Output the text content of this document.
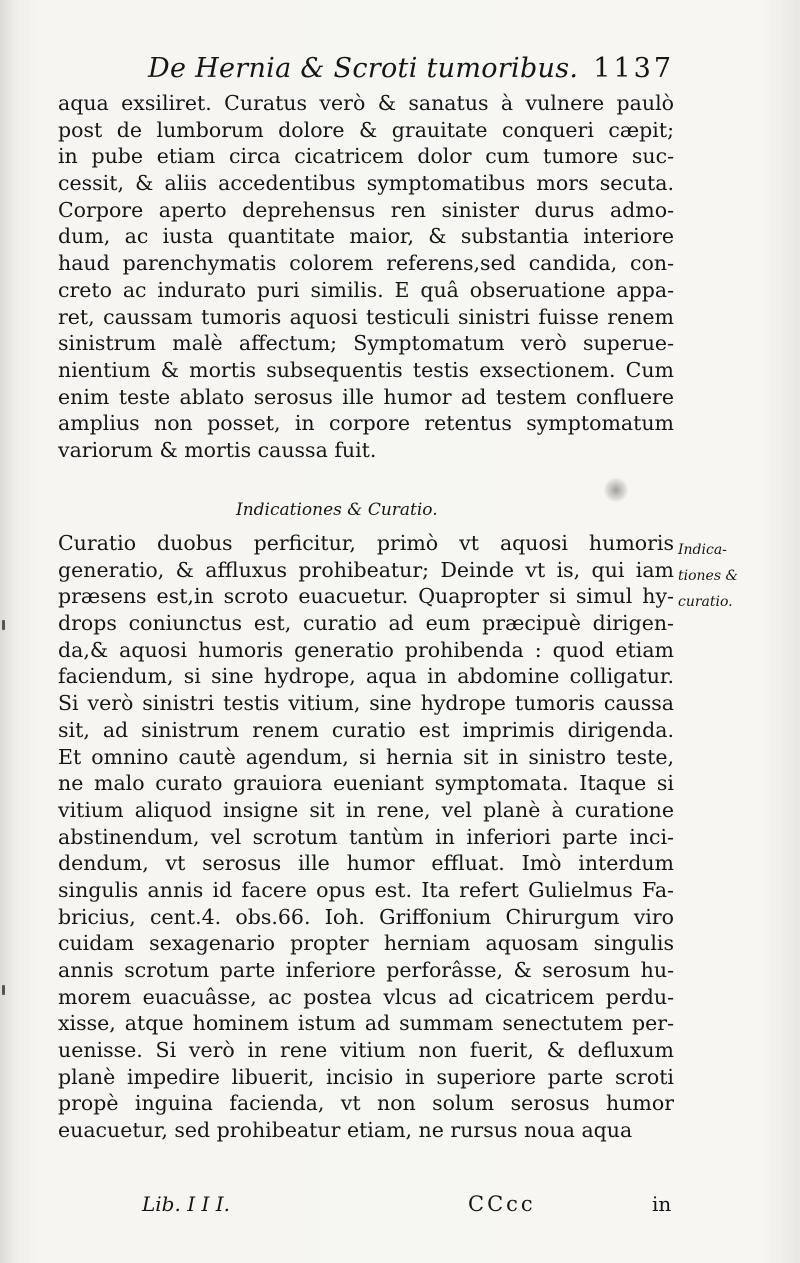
De Hernia & Scroti tumoribus. 1137
aqua exsiliret. Curatus verò & sanatus à vulnere paulò
post de lumborum dolore & grauitate conqueri cæpit;
in pube etiam circa cicatricem dolor cum tumore suc-
cessit, & aliis accedentibus symptomatibus mors secuta.
Corpore aperto deprehensus ren sinister durus admo-
dum, ac iusta quantitate maior, & substantia interiore
haud parenchymatis colorem referens,sed candida, con-
creto ac indurato puri similis. E quâ obseruatione appa-
ret, caussam tumoris aquosi testiculi sinistri fuisse renem
sinistrum malè affectum; Symptomatum verò superue-
nientium & mortis subsequentis testis exsectionem. Cum
enim teste ablato serosus ille humor ad testem confluere
amplius non posset, in corpore retentus symptomatum
variorum & mortis caussa fuit.
Indicationes & Curatio.
Curatio duobus perficitur, primò vt aquosi humoris
generatio, & affluxus prohibeatur; Deinde vt is, qui iam
præsens est,in scroto euacuetur. Quapropter si simul hy-
drops coniunctus est, curatio ad eum præcipuè dirigen-
da,& aquosi humoris generatio prohibenda : quod etiam
faciendum, si sine hydrope, aqua in abdomine colligatur.
Si verò sinistri testis vitium, sine hydrope tumoris caussa
sit, ad sinistrum renem curatio est imprimis dirigenda.
Et omnino cautè agendum, si hernia sit in sinistro teste,
ne malo curato grauiora eueniant symptomata. Itaque si
vitium aliquod insigne sit in rene, vel planè à curatione
abstinendum, vel scrotum tantùm in inferiori parte inci-
dendum, vt serosus ille humor effluat. Imò interdum
singulis annis id facere opus est. Ita refert Gulielmus Fa-
bricius, cent.4. obs.66. Ioh. Griffonium Chirurgum viro
cuidam sexagenario propter herniam aquosam singulis
annis scrotum parte inferiore perforâsse, & serosum hu-
morem euacuâsse, ac postea vlcus ad cicatricem perdu-
xisse, atque hominem istum ad summam senectutem per-
uenisse. Si verò in rene vitium non fuerit, & defluxum
planè impedire libuerit, incisio in superiore parte scroti
propè inguina facienda, vt non solum serosus humor
euacuetur, sed prohibeatur etiam, ne rursus noua aqua
Indica-
tiones &
curatio.
Lib. I I I.	CCcc	in
